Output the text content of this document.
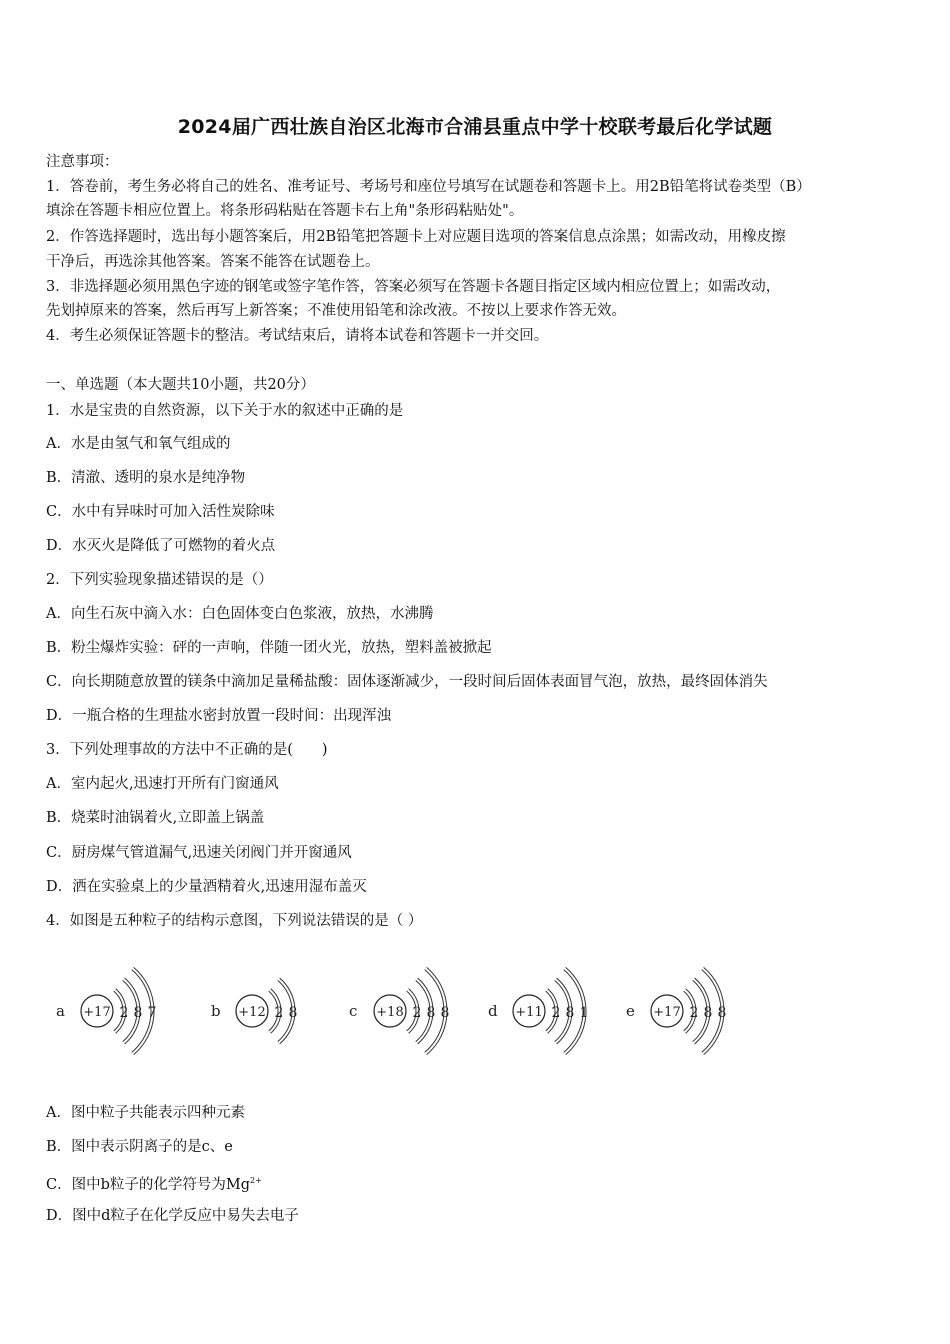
2024届广西壮族自治区北海市合浦县重点中学十校联考最后化学试题
注意事项：
1．答卷前，考生务必将自己的姓名、准考证号、考场号和座位号填写在试题卷和答题卡上。用2B铅笔将试卷类型（B）
填涂在答题卡相应位置上。将条形码粘贴在答题卡右上角"条形码粘贴处"。
2．作答选择题时，选出每小题答案后，用2B铅笔把答题卡上对应题目选项的答案信息点涂黑；如需改动，用橡皮擦
干净后，再选涂其他答案。答案不能答在试题卷上。
3．非选择题必须用黑色字迹的钢笔或签字笔作答，答案必须写在答题卡各题目指定区域内相应位置上；如需改动，
先划掉原来的答案，然后再写上新答案；不准使用铅笔和涂改液。不按以上要求作答无效。
4．考生必须保证答题卡的整洁。考试结束后，请将本试卷和答题卡一并交回。
一、单选题（本大题共10小题，共20分）
1．水是宝贵的自然资源，以下关于水的叙述中正确的是
A．水是由氢气和氧气组成的
B．清澈、透明的泉水是纯净物
C．水中有异味时可加入活性炭除味
D．水灭火是降低了可燃物的着火点
2．下列实验现象描述错误的是（）
A．向生石灰中滴入水：白色固体变白色浆液，放热，水沸腾
B．粉尘爆炸实验：砰的一声响，伴随一团火光，放热，塑料盖被掀起
C．向长期随意放置的镁条中滴加足量稀盐酸：固体逐渐减少，一段时间后固体表面冒气泡，放热，最终固体消失
D．一瓶合格的生理盐水密封放置一段时间：出现浑浊
3．下列处理事故的方法中不正确的是(　　)
A．室内起火,迅速打开所有门窗通风
B．烧菜时油锅着火,立即盖上锅盖
C．厨房煤气管道漏气,迅速关闭阀门并开窗通风
D．洒在实验桌上的少量酒精着火,迅速用湿布盖灭
4．如图是五种粒子的结构示意图，下列说法错误的是（ ）
a +17 2 8 7	b +12 2 8	c +18 2 8 8	d +11 2 8 1	e +17 2 8 8
A．图中粒子共能表示四种元素
B．图中表示阴离子的是c、e
C．图中b粒子的化学符号为$Mg^{2+}$
D．图中d粒子在化学反应中易失去电子
